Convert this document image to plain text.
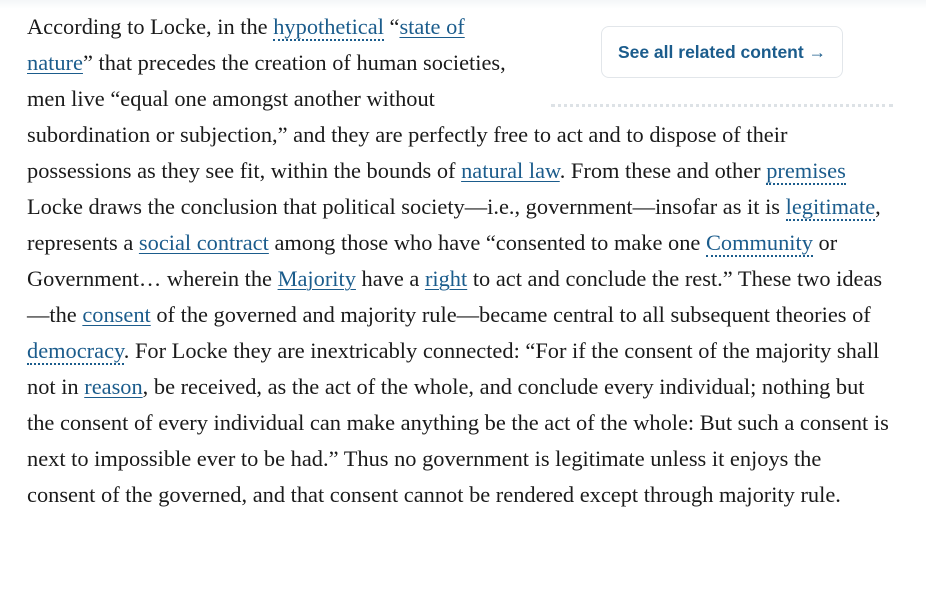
See all related content →
According to Locke, in the hypothetical “state of nature” that precedes the creation of human societies, men live “equal one amongst another without subordination or subjection,” and they are perfectly free to act and to dispose of their possessions as they see fit, within the bounds of natural law. From these and other premises Locke draws the conclusion that political society—i.e., government—insofar as it is legitimate, represents a social contract among those who have “consented to make one Community or Government… wherein the Majority have a right to act and conclude the rest.” These two ideas—the consent of the governed and majority rule—became central to all subsequent theories of democracy. For Locke they are inextricably connected: “For if the consent of the majority shall not in reason, be received, as the act of the whole, and conclude every individual; nothing but the consent of every individual can make anything be the act of the whole: But such a consent is next to impossible ever to be had.” Thus no government is legitimate unless it enjoys the consent of the governed, and that consent cannot be rendered except through majority rule.
